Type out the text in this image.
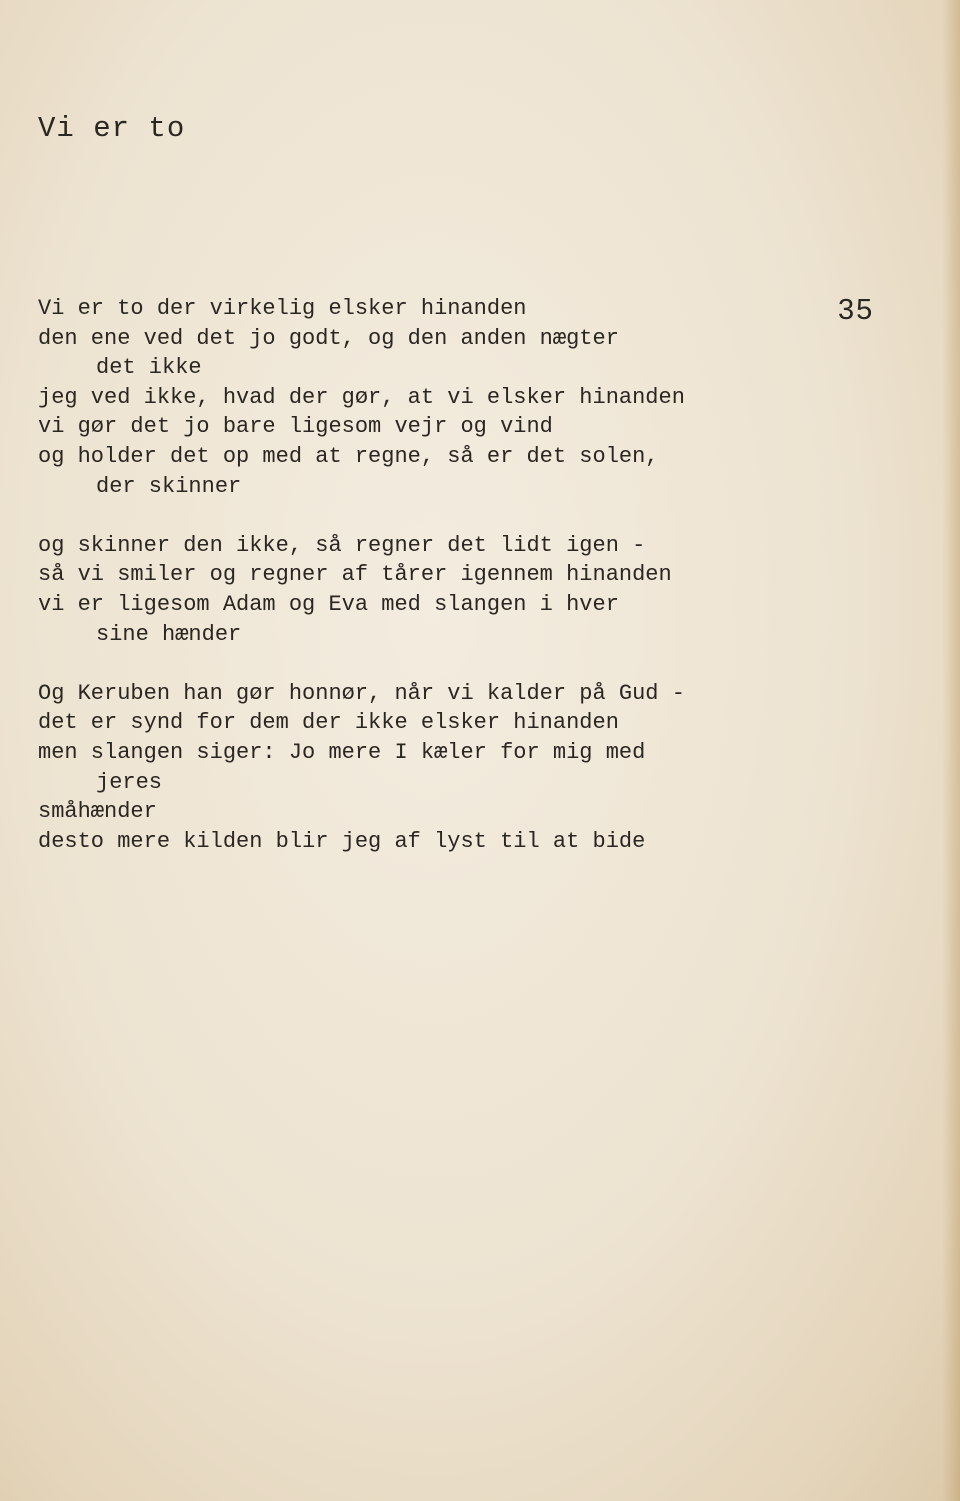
Vi er to
35
Vi er to der virkelig elsker hinanden
den ene ved det jo godt, og den anden nægter
det ikke
jeg ved ikke, hvad der gør, at vi elsker hinanden
vi gør det jo bare ligesom vejr og vind
og holder det op med at regne, så er det solen,
der skinner
og skinner den ikke, så regner det lidt igen -
så vi smiler og regner af tårer igennem hinanden
vi er ligesom Adam og Eva med slangen i hver
sine hænder
Og Keruben han gør honnør, når vi kalder på Gud -
det er synd for dem der ikke elsker hinanden
men slangen siger: Jo mere I kæler for mig med
jeres
småhænder
desto mere kilden blir jeg af lyst til at bide
